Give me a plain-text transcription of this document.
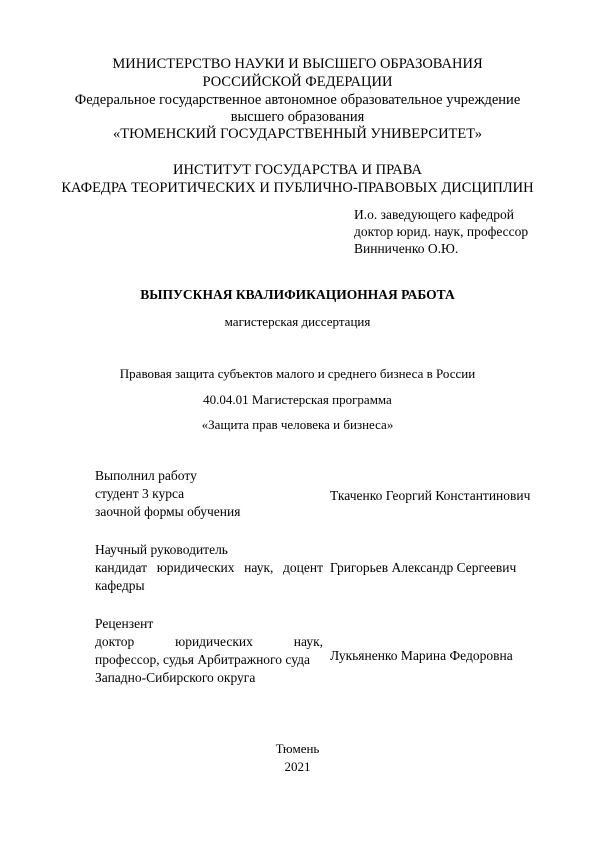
МИНИСТЕРСТВО НАУКИ И ВЫСШЕГО ОБРАЗОВАНИЯ
РОССИЙСКОЙ ФЕДЕРАЦИИ
Федеральное государственное автономное образовательное учреждение
высшего образования
«ТЮМЕНСКИЙ ГОСУДАРСТВЕННЫЙ УНИВЕРСИТЕТ»
ИНСТИТУТ ГОСУДАРСТВА И ПРАВА
КАФЕДРА ТЕОРИТИЧЕСКИХ И ПУБЛИЧНО-ПРАВОВЫХ ДИСЦИПЛИН
И.о. заведующего кафедрой
доктор юрид. наук, профессор
Винниченко О.Ю.
ВЫПУСКНАЯ КВАЛИФИКАЦИОННАЯ РАБОТА
магистерская диссертация
Правовая защита субъектов малого и среднего бизнеса в России
40.04.01 Магистерская программа
«Защита прав человека и бизнеса»
Выполнил работу
студент 3 курса
заочной формы обучения
Ткаченко Георгий Константинович
Научный руководитель
кандидат юридических наук, доцент
кафедры
Григорьев Александр Сергеевич
Рецензент
доктор юридических наук,
профессор, судья Арбитражного суда
Западно-Сибирского округа
Лукьяненко Марина Федоровна
Тюмень
2021
